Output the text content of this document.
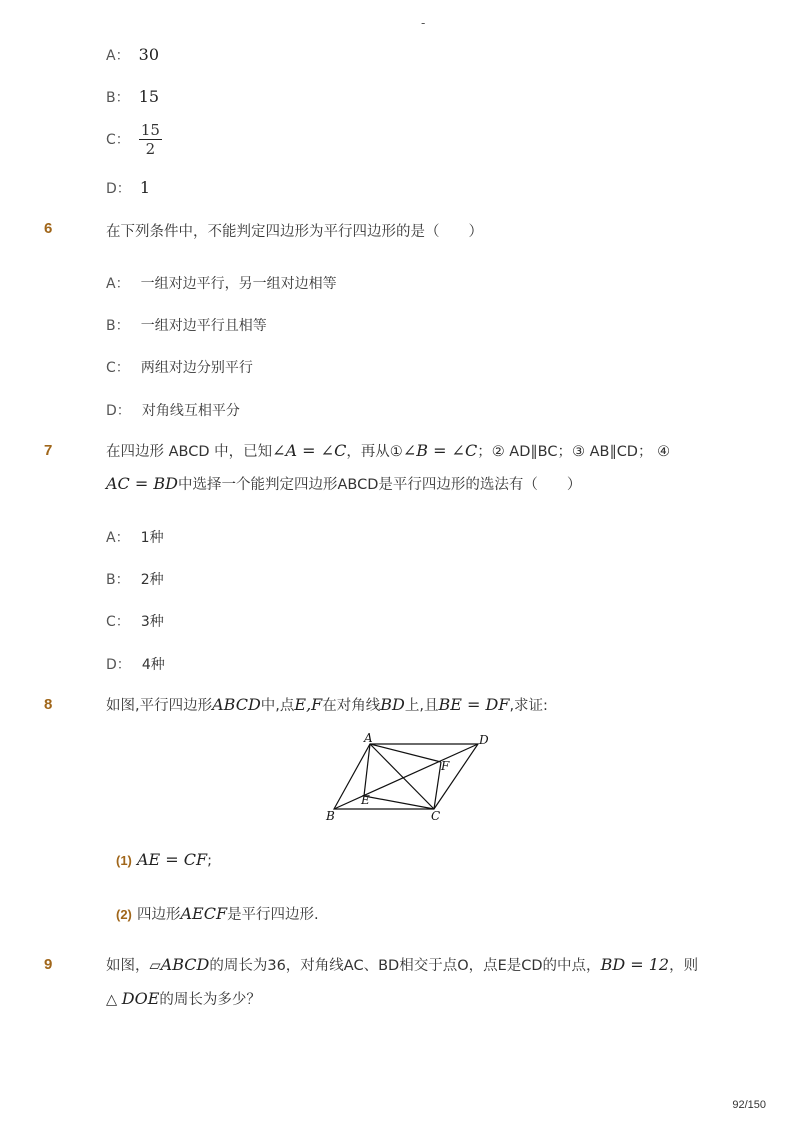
-
A： 30
B： 15
C： $\frac{15}{2}$
D： 1
6	在下列条件中，不能判定四边形为平行四边形的是（　　）
A： 一组对边平行，另一组对边相等
B： 一组对边平行且相等
C： 两组对边分别平行
D： 对角线互相平分
7	在四边形 ABCD 中，已知∠A = ∠C，再从①∠B = ∠C；② AD∥BC；③ AB∥CD； ④
AC = BD中选择一个能判定四边形ABCD是平行四边形的选法有（　　）
A： 1种
B： 2种
C： 3种
D： 4种
8	如图,平行四边形ABCD中,点E,F在对角线BD上,且BE = DF,求证:
A	D
F
E
B	C
(1) AE = CF;
(2) 四边形AECF是平行四边形.
9	如图，▱ABCD的周长为36，对角线AC、BD相交于点O，点E是CD的中点，BD = 12，则
△ DOE的周长为多少？
92/150
